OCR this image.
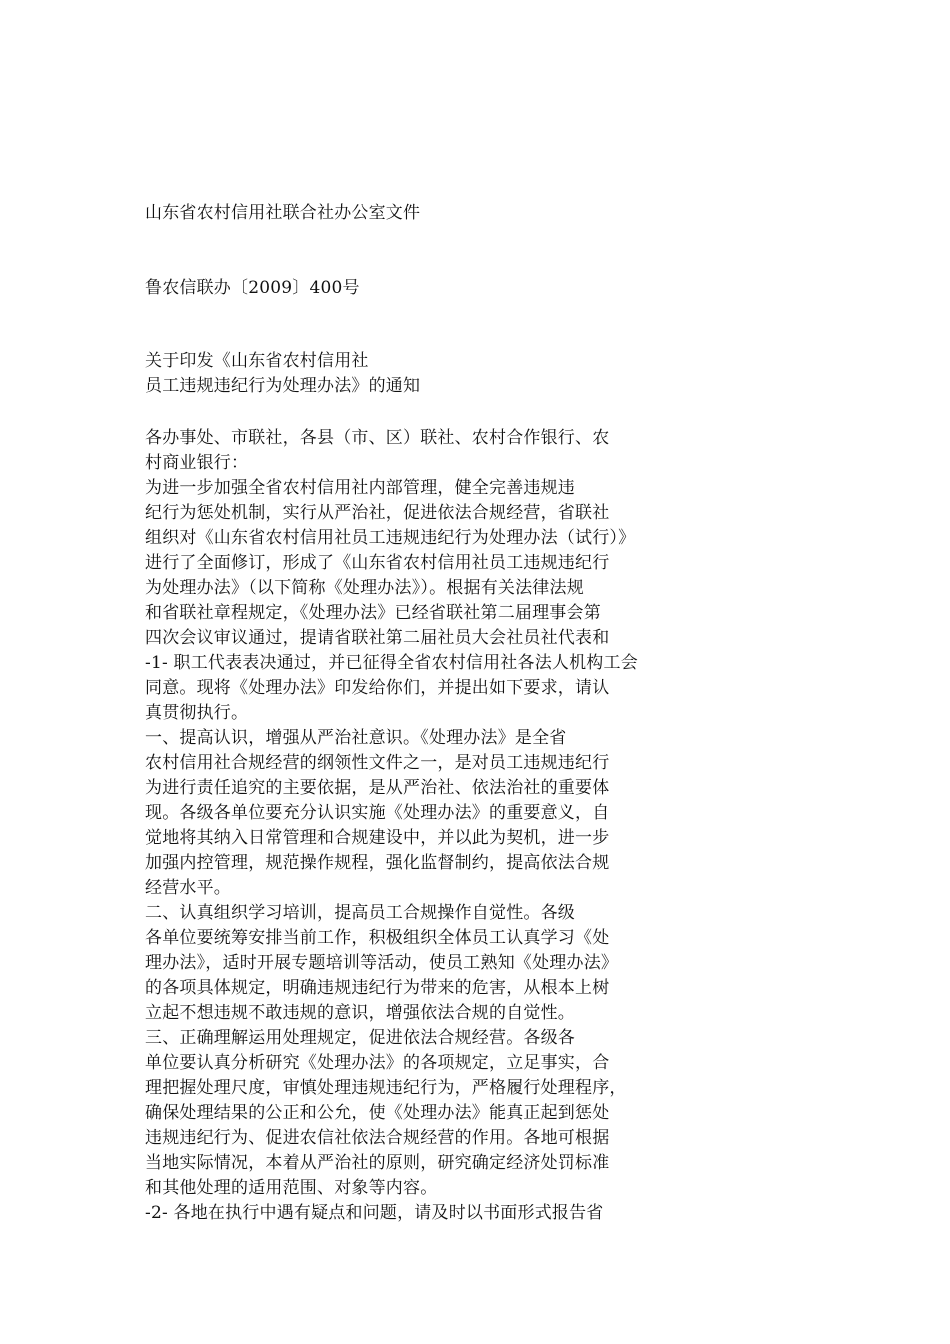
山东省农村信用社联合社办公室文件
鲁农信联办〔2009〕400号
关于印发《山东省农村信用社
员工违规违纪行为处理办法》的通知
各办事处、市联社，各县（市、区）联社、农村合作银行、农
村商业银行：
为进一步加强全省农村信用社内部管理，健全完善违规违
纪行为惩处机制，实行从严治社，促进依法合规经营，省联社
组织对《山东省农村信用社员工违规违纪行为处理办法（试行）》
进行了全面修订，形成了《山东省农村信用社员工违规违纪行
为处理办法》（以下简称《处理办法》）。根据有关法律法规
和省联社章程规定，《处理办法》已经省联社第二届理事会第
四次会议审议通过，提请省联社第二届社员大会社员社代表和
-1- 职工代表表决通过，并已征得全省农村信用社各法人机构工会
同意。现将《处理办法》印发给你们，并提出如下要求，请认
真贯彻执行。
一、提高认识，增强从严治社意识。《处理办法》是全省
农村信用社合规经营的纲领性文件之一，是对员工违规违纪行
为进行责任追究的主要依据，是从严治社、依法治社的重要体
现。各级各单位要充分认识实施《处理办法》的重要意义，自
觉地将其纳入日常管理和合规建设中，并以此为契机，进一步
加强内控管理，规范操作规程，强化监督制约，提高依法合规
经营水平。
二、认真组织学习培训，提高员工合规操作自觉性。各级
各单位要统筹安排当前工作，积极组织全体员工认真学习《处
理办法》，适时开展专题培训等活动，使员工熟知《处理办法》
的各项具体规定，明确违规违纪行为带来的危害，从根本上树
立起不想违规不敢违规的意识，增强依法合规的自觉性。
三、正确理解运用处理规定，促进依法合规经营。各级各
单位要认真分析研究《处理办法》的各项规定，立足事实，合
理把握处理尺度，审慎处理违规违纪行为，严格履行处理程序，
确保处理结果的公正和公允，使《处理办法》能真正起到惩处
违规违纪行为、促进农信社依法合规经营的作用。各地可根据
当地实际情况，本着从严治社的原则，研究确定经济处罚标准
和其他处理的适用范围、对象等内容。
-2- 各地在执行中遇有疑点和问题，请及时以书面形式报告省
